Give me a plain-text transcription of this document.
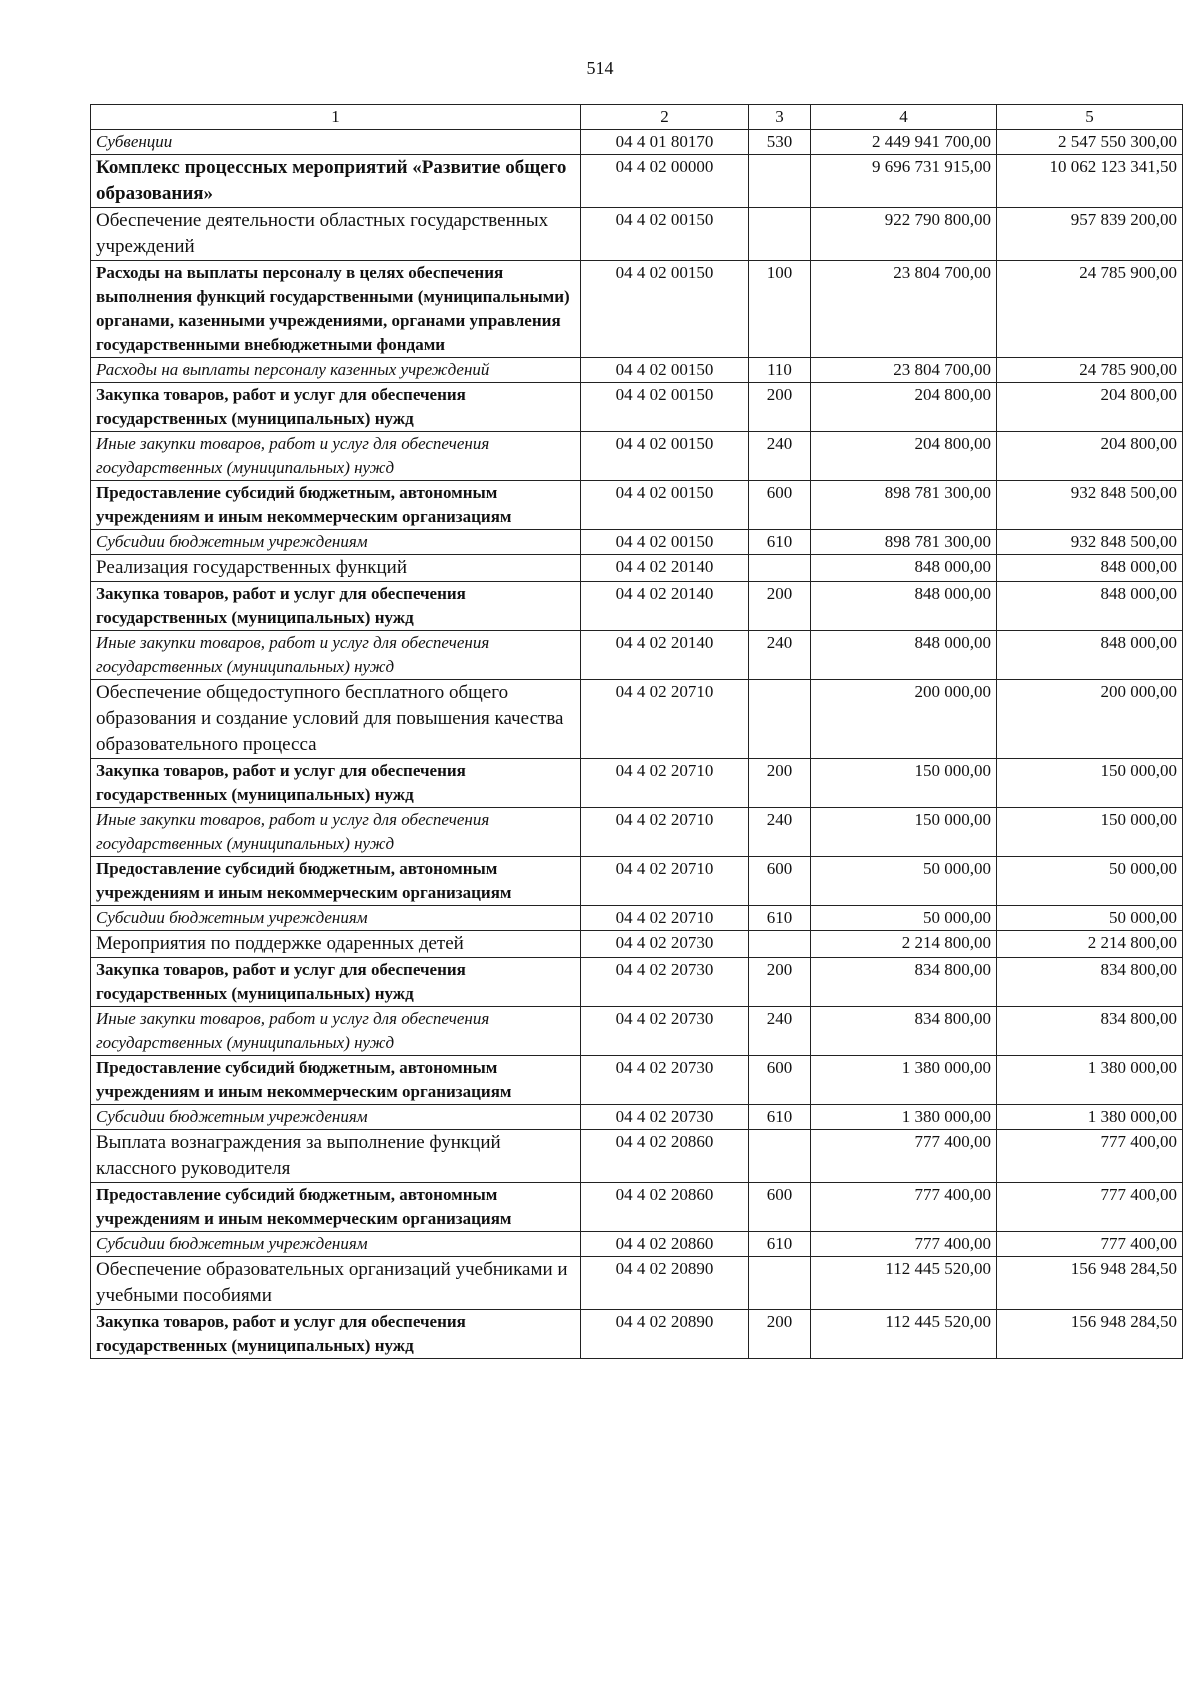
514
1	2	3	4	5
Субвенции	04 4 01 80170	530	2 449 941 700,00	2 547 550 300,00
Комплекс процессных мероприятий «Развитие общего образования»	04 4 02 00000		9 696 731 915,00	10 062 123 341,50
Обеспечение деятельности областных государственных учреждений	04 4 02 00150		922 790 800,00	957 839 200,00
Расходы на выплаты персоналу в целях обеспечения выполнения функций государственными (муниципальными) органами, казенными учреждениями, органами управления государственными внебюджетными фондами	04 4 02 00150	100	23 804 700,00	24 785 900,00
Расходы на выплаты персоналу казенных учреждений	04 4 02 00150	110	23 804 700,00	24 785 900,00
Закупка товаров, работ и услуг для обеспечения государственных (муниципальных) нужд	04 4 02 00150	200	204 800,00	204 800,00
Иные закупки товаров, работ и услуг для обеспечения государственных (муниципальных) нужд	04 4 02 00150	240	204 800,00	204 800,00
Предоставление субсидий бюджетным, автономным учреждениям и иным некоммерческим организациям	04 4 02 00150	600	898 781 300,00	932 848 500,00
Субсидии бюджетным учреждениям	04 4 02 00150	610	898 781 300,00	932 848 500,00
Реализация государственных функций	04 4 02 20140		848 000,00	848 000,00
Закупка товаров, работ и услуг для обеспечения государственных (муниципальных) нужд	04 4 02 20140	200	848 000,00	848 000,00
Иные закупки товаров, работ и услуг для обеспечения государственных (муниципальных) нужд	04 4 02 20140	240	848 000,00	848 000,00
Обеспечение общедоступного бесплатного общего образования и создание условий для повышения качества образовательного процесса	04 4 02 20710		200 000,00	200 000,00
Закупка товаров, работ и услуг для обеспечения государственных (муниципальных) нужд	04 4 02 20710	200	150 000,00	150 000,00
Иные закупки товаров, работ и услуг для обеспечения государственных (муниципальных) нужд	04 4 02 20710	240	150 000,00	150 000,00
Предоставление субсидий бюджетным, автономным учреждениям и иным некоммерческим организациям	04 4 02 20710	600	50 000,00	50 000,00
Субсидии бюджетным учреждениям	04 4 02 20710	610	50 000,00	50 000,00
Мероприятия по поддержке одаренных детей	04 4 02 20730		2 214 800,00	2 214 800,00
Закупка товаров, работ и услуг для обеспечения государственных (муниципальных) нужд	04 4 02 20730	200	834 800,00	834 800,00
Иные закупки товаров, работ и услуг для обеспечения государственных (муниципальных) нужд	04 4 02 20730	240	834 800,00	834 800,00
Предоставление субсидий бюджетным, автономным учреждениям и иным некоммерческим организациям	04 4 02 20730	600	1 380 000,00	1 380 000,00
Субсидии бюджетным учреждениям	04 4 02 20730	610	1 380 000,00	1 380 000,00
Выплата вознаграждения за выполнение функций классного руководителя	04 4 02 20860		777 400,00	777 400,00
Предоставление субсидий бюджетным, автономным учреждениям и иным некоммерческим организациям	04 4 02 20860	600	777 400,00	777 400,00
Субсидии бюджетным учреждениям	04 4 02 20860	610	777 400,00	777 400,00
Обеспечение образовательных организаций учебниками и учебными пособиями	04 4 02 20890		112 445 520,00	156 948 284,50
Закупка товаров, работ и услуг для обеспечения государственных (муниципальных) нужд	04 4 02 20890	200	112 445 520,00	156 948 284,50
